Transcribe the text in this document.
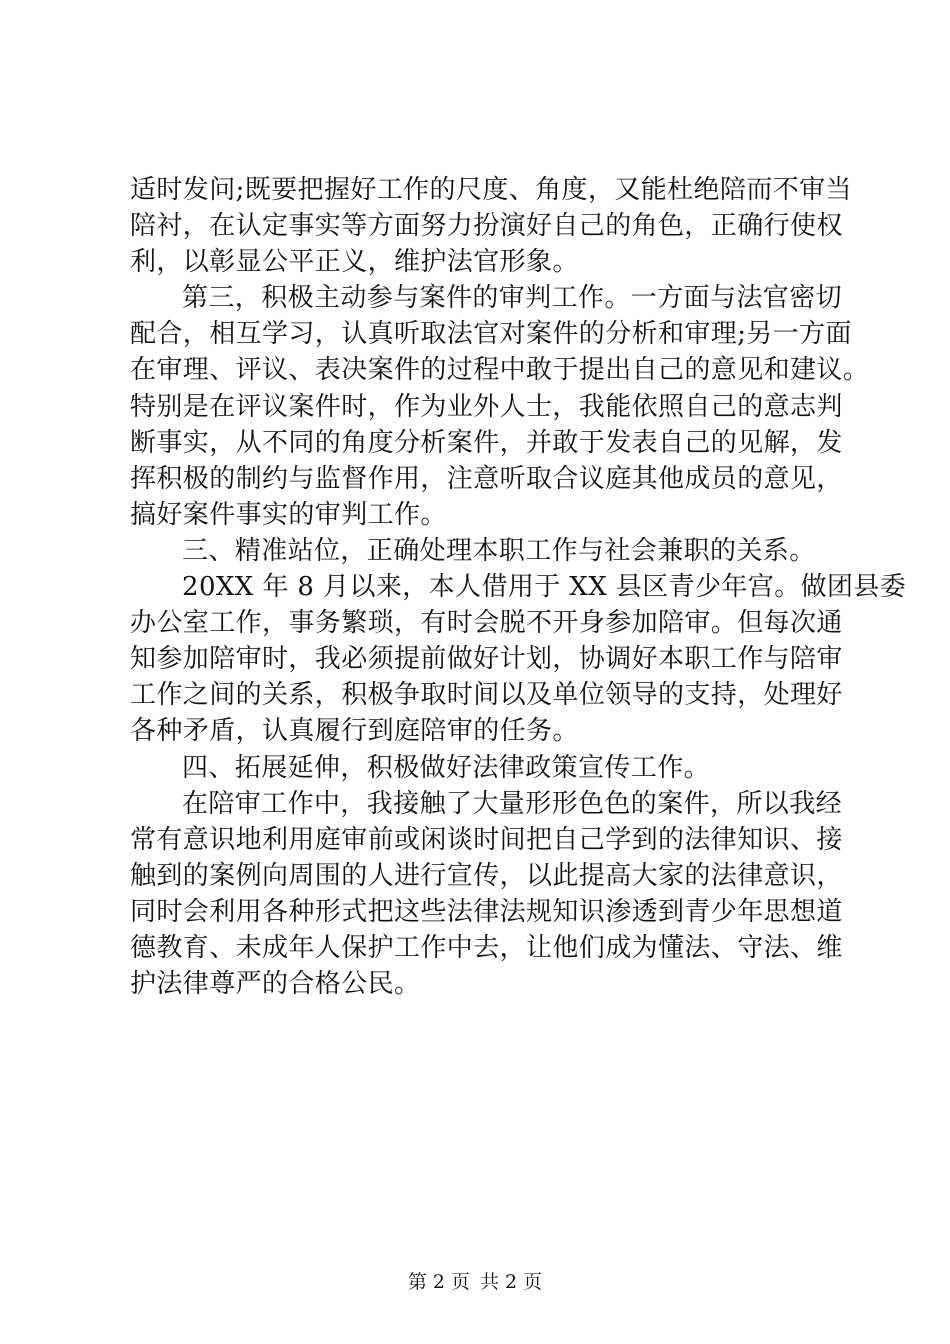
适时发问;既要把握好工作的尺度、角度，又能杜绝陪而不审当
陪衬，在认定事实等方面努力扮演好自己的角色，正确行使权
利，以彰显公平正义，维护法官形象。
第三，积极主动参与案件的审判工作。一方面与法官密切
配合，相互学习，认真听取法官对案件的分析和审理;另一方面
在审理、评议、表决案件的过程中敢于提出自己的意见和建议。
特别是在评议案件时，作为业外人士，我能依照自己的意志判
断事实，从不同的角度分析案件，并敢于发表自己的见解，发
挥积极的制约与监督作用，注意听取合议庭其他成员的意见，
搞好案件事实的审判工作。
三、精准站位，正确处理本职工作与社会兼职的关系。
20XX 年 8 月以来，本人借用于 XX 县区青少年宫。做团县委
办公室工作，事务繁琐，有时会脱不开身参加陪审。但每次通
知参加陪审时，我必须提前做好计划，协调好本职工作与陪审
工作之间的关系，积极争取时间以及单位领导的支持，处理好
各种矛盾，认真履行到庭陪审的任务。
四、拓展延伸，积极做好法律政策宣传工作。
在陪审工作中，我接触了大量形形色色的案件，所以我经
常有意识地利用庭审前或闲谈时间把自己学到的法律知识、接
触到的案例向周围的人进行宣传，以此提高大家的法律意识，
同时会利用各种形式把这些法律法规知识渗透到青少年思想道
德教育、未成年人保护工作中去，让他们成为懂法、守法、维
护法律尊严的合格公民。
第 2 页 共 2 页
